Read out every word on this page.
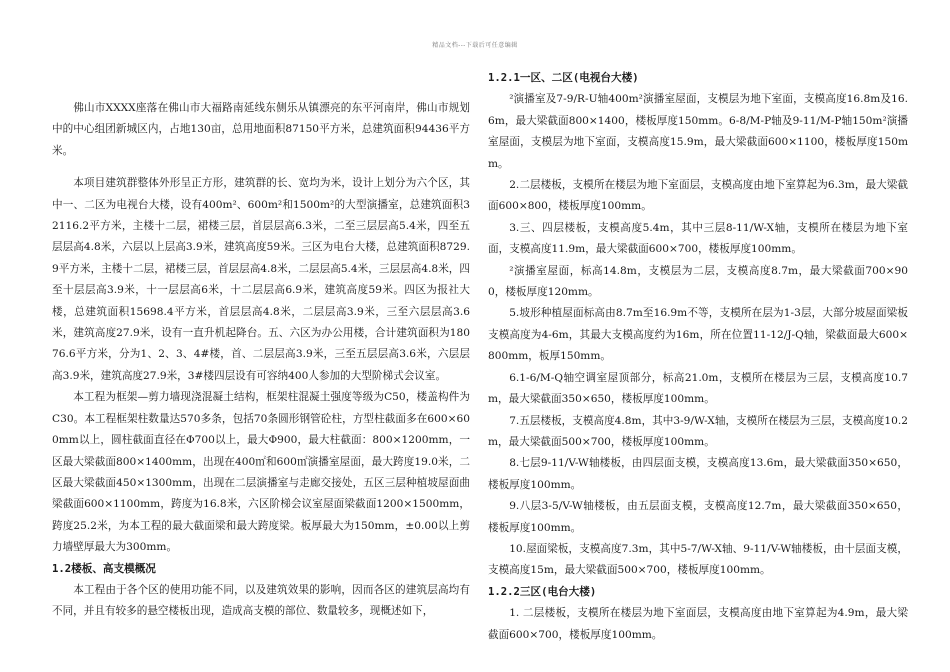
精品文档---下载后可任意编辑

佛山市XXXX座落在佛山市大福路南延线东侧乐从镇漂亮的东平河南岸，佛山市规划中的中心组团新城区内，占地130亩，总用地面积87150平方米，总建筑面积94436平方米。

本项目建筑群整体外形呈正方形，建筑群的长、宽均为米，设计上划分为六个区，其中一、二区为电视台大楼，设有400m²、600m²和1500m²的大型演播室，总建筑面积32116.2平方米，主楼十二层，裙楼三层，首层层高6.3米，二至三层层高5.4米，四至五层层高4.8米，六层以上层高3.9米，建筑高度59米。三区为电台大楼，总建筑面积8729.9平方米，主楼十二层，裙楼三层，首层层高4.8米，二层层高5.4米，三层层高4.8米，四至十层层高3.9米，十一层层高6米，十二层层高6.9米，建筑高度59米。四区为报社大楼，总建筑面积15698.4平方米，首层层高4.8米，二层层高3.9米，三至六层层高3.6米，建筑高度27.9米，设有一直升机起降台。五、六区为办公用楼，合计建筑面积为18076.6平方米，分为1、2、3、4#楼，首、二层层高3.9米，三至五层层高3.6米，六层层高3.9米，建筑高度27.9米，3#楼四层设有可容纳400人参加的大型阶梯式会议室。

本工程为框架—剪力墙现浇混凝土结构，框架柱混凝土强度等级为C50，楼盖构件为C30。本工程框架柱数量达570多条，包括70条圆形钢管砼柱，方型柱截面多在600×600mm以上，圆柱截面直径在Φ700以上，最大Φ900，最大柱截面：800×1200mm，一区最大梁截面800×1400mm，出现在400㎡和600㎡演播室屋面，最大跨度19.0米，二区最大梁截面450×1300mm，出现在二层演播室与走廊交接处，五区三层种植坡屋面曲梁截面600×1100mm，跨度为16.8米，六区阶梯会议室屋面梁截面1200×1500mm，跨度25.2米，为本工程的最大截面梁和最大跨度梁。板厚最大为150mm，±0.00以上剪力墙壁厚最大为300mm。

1.2楼板、高支模概况

本工程由于各个区的使用功能不同，以及建筑效果的影响，因而各区的建筑层高均有不同，并且有较多的悬空楼板出现，造成高支模的部位、数量较多，现概述如下，

1.2.1一区、二区(电视台大楼)

²演播室及7-9/R-U轴400m²演播室屋面，支模层为地下室面，支模高度16.8m及16.6m，最大梁截面800×1400，楼板厚度150mm。6-8/M-P轴及9-11/M-P轴150m²演播室屋面，支模层为地下室面，支模高度15.9m，最大梁截面600×1100，楼板厚度150mm。

2.二层楼板，支模所在楼层为地下室面层，支模高度由地下室算起为6.3m，最大梁截面600×800，楼板厚度100mm。

3.三、四层楼板，支模高度5.4m，其中三层8-11/W-X轴，支模所在楼层为地下室面，支模高度11.9m，最大梁截面600×700，楼板厚度100mm。

²演播室屋面，标高14.8m，支模层为二层，支模高度8.7m，最大梁截面700×900，楼板厚度120mm。

5.坡形种植屋面标高由8.7m至16.9m不等，支模所在层为1-3层，大部分坡屋面梁板支模高度为4-6m，其最大支模高度约为16m，所在位置11-12/J-Q轴，梁截面最大600×800mm，板厚150mm。

6.1-6/M-Q轴空调室屋顶部分，标高21.0m，支模所在楼层为三层，支模高度10.7m，最大梁截面350×650，楼板厚度100mm。

7.五层楼板，支模高度4.8m，其中3-9/W-X轴，支模所在楼层为三层，支模高度10.2m，最大梁截面500×700，楼板厚度100mm。

8.七层9-11/V-W轴楼板，由四层面支模，支模高度13.6m，最大梁截面350×650，楼板厚度100mm。

9.八层3-5/V-W轴楼板，由五层面支模，支模高度12.7m，最大梁截面350×650，楼板厚度100mm。

10.屋面梁板，支模高度7.3m，其中5-7/W-X轴、9-11/V-W轴楼板，由十层面支模，支模高度15m，最大梁截面500×700，楼板厚度100mm。

1.2.2三区(电台大楼)

1. 二层楼板，支模所在楼层为地下室面层，支模高度由地下室算起为4.9m，最大梁截面600×700，楼板厚度100mm。
